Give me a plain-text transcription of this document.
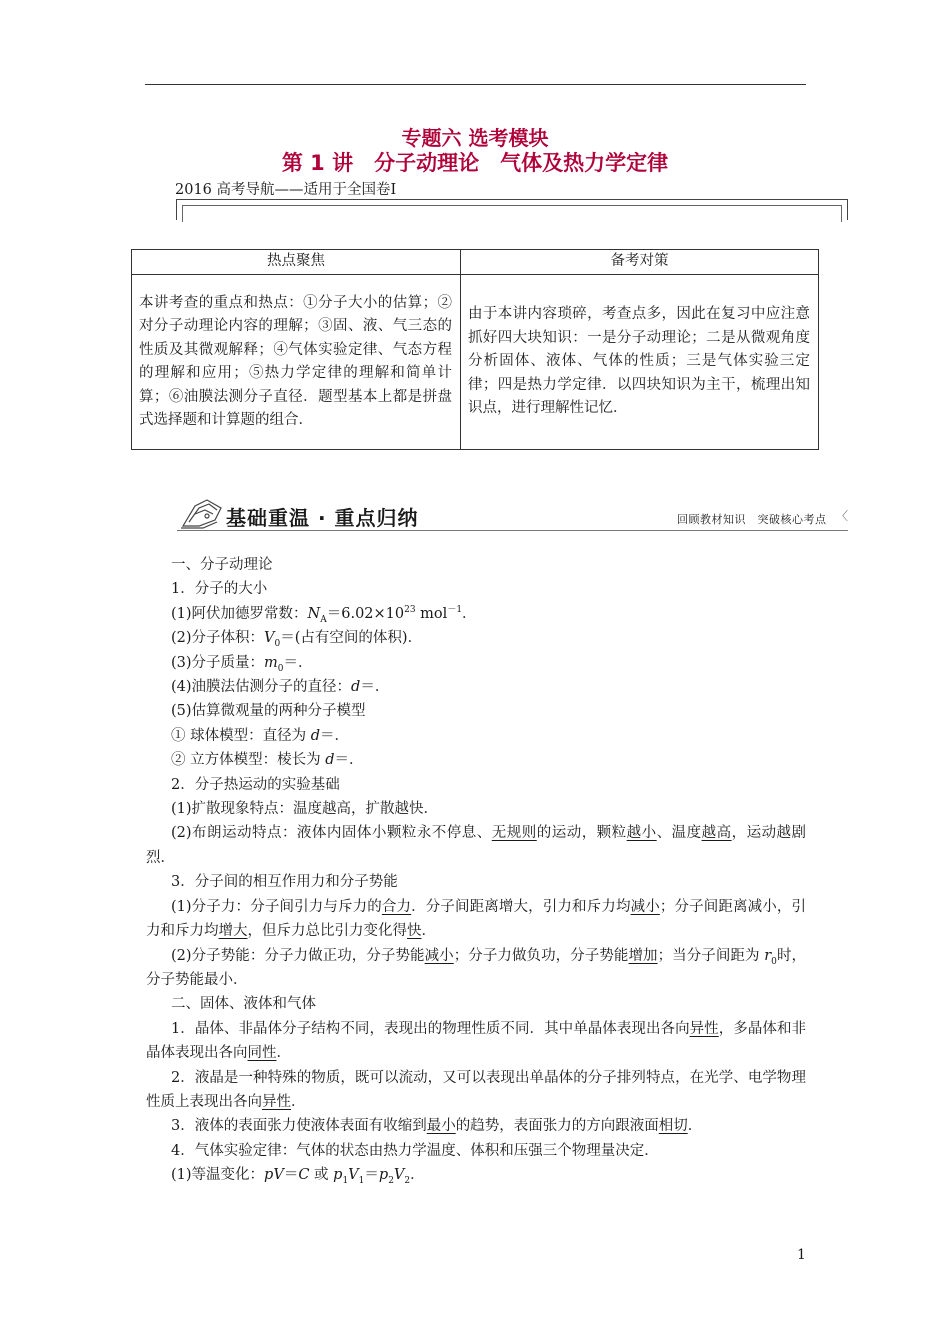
专题六 选考模块
第 1 讲　分子动理论　气体及热力学定律
2016 高考导航——适用于全国卷Ⅰ
热点聚焦	备考对策
本讲考查的重点和热点：①分子大小的估算；②对分子动理论内容的理解；③固、液、气三态的性质及其微观解释；④气体实验定律、气态方程的理解和应用；⑤热力学定律的理解和简单计算；⑥油膜法测分子直径．题型基本上都是拼盘式选择题和计算题的组合．	由于本讲内容琐碎，考查点多，因此在复习中应注意抓好四大块知识：一是分子动理论；二是从微观角度分析固体、液体、气体的性质；三是气体实验三定律；四是热力学定律．以四块知识为主干，梳理出知识点，进行理解性记忆．
基础重温 · 重点归纳	回顾教材知识　突破核心考点 〈

一、分子动理论

1．分子的大小

(1)阿伏加德罗常数：$N_A=6.02\times 10^{23}$ mol$^{-1}$．

(2)分子体积：$V_0=$(占有空间的体积)．

(3)分子质量：$m_0=$．

(4)油膜法估测分子的直径：d＝．

(5)估算微观量的两种分子模型

① 球体模型：直径为 d＝．

② 立方体模型：棱长为 d＝．

2．分子热运动的实验基础

(1)扩散现象特点：温度越高，扩散越快．

(2)布朗运动特点：液体内固体小颗粒永不停息、无规则的运动，颗粒越小、温度越高，运动越剧烈．

3．分子间的相互作用力和分子势能

(1)分子力：分子间引力与斥力的合力．分子间距离增大，引力和斥力均减小；分子间距离减小，引力和斥力均增大，但斥力总比引力变化得快．

(2)分子势能：分子力做正功，分子势能减小；分子力做负功，分子势能增加；当分子间距为 $r_0$时，分子势能最小．

二、固体、液体和气体

1．晶体、非晶体分子结构不同，表现出的物理性质不同．其中单晶体表现出各向异性，多晶体和非晶体表现出各向同性．

2．液晶是一种特殊的物质，既可以流动，又可以表现出单晶体的分子排列特点，在光学、电学物理性质上表现出各向异性．

3．液体的表面张力使液体表面有收缩到最小的趋势，表面张力的方向跟液面相切．

4．气体实验定律：气体的状态由热力学温度、体积和压强三个物理量决定．

(1)等温变化：pV＝C 或 $p_1V_1=p_2V_2$．

1
